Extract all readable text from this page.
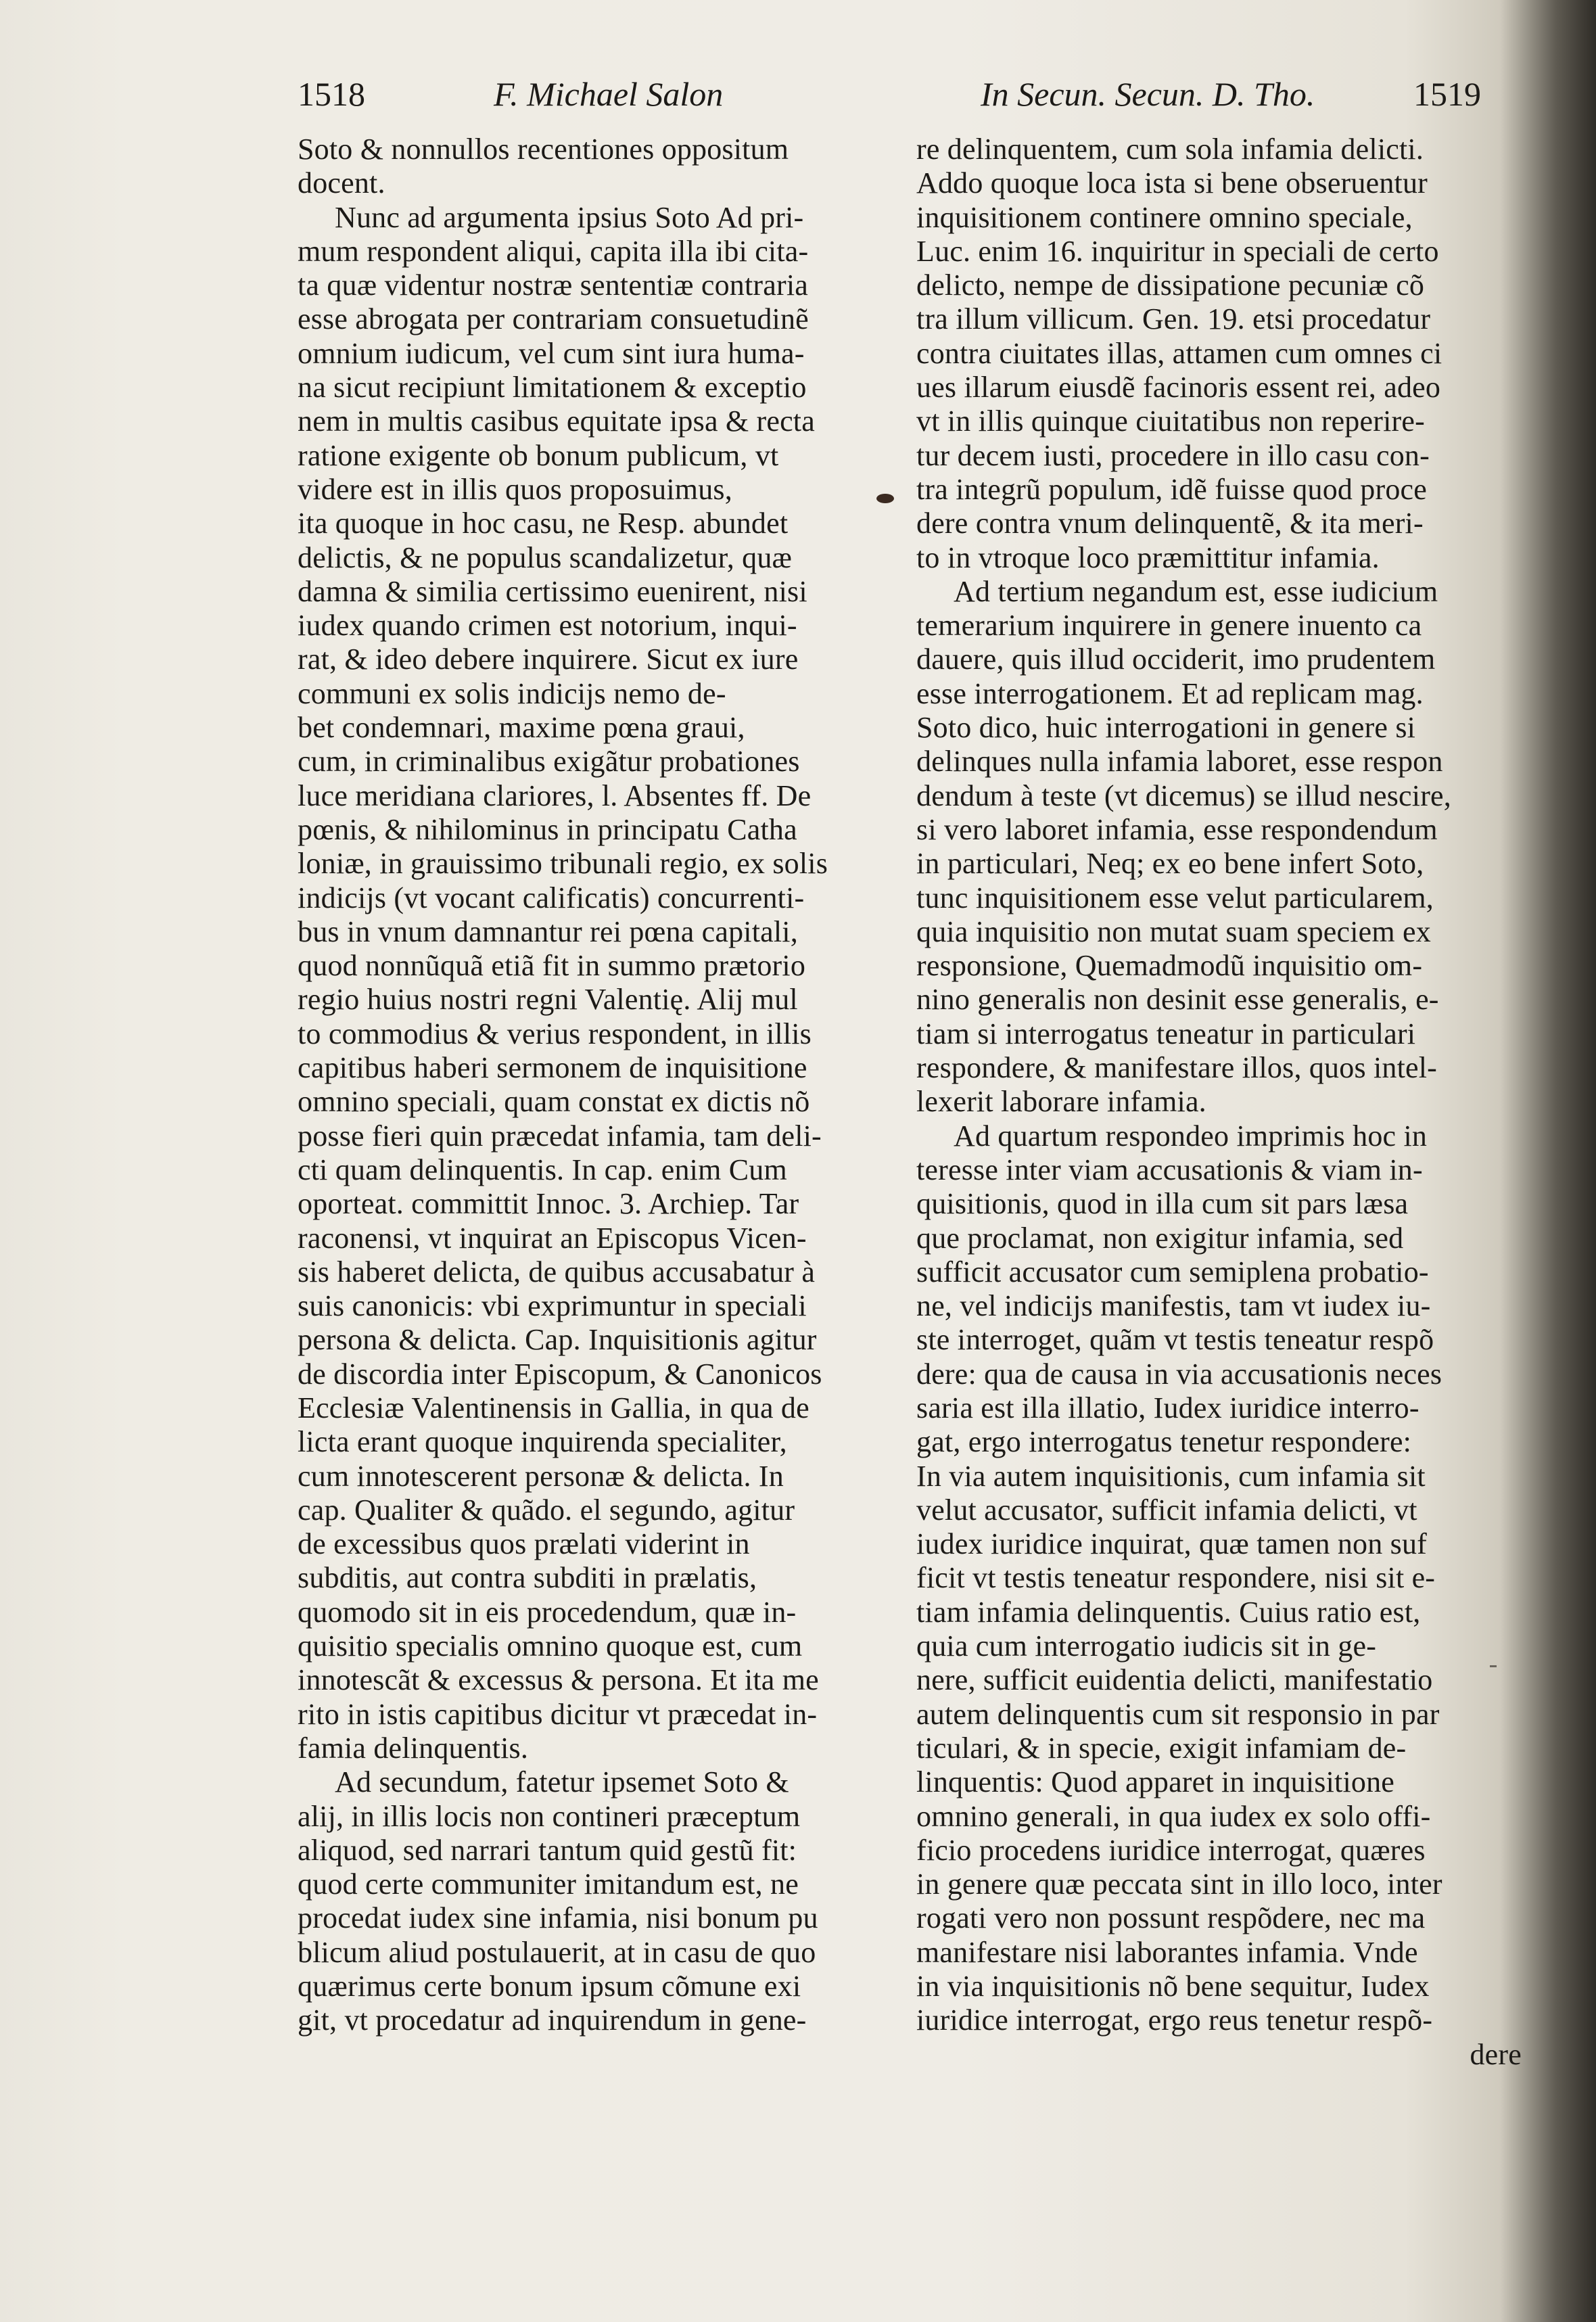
1518	F. Michael Salon	In Secun. Secun. D. Tho.	1519
Soto & nonnullos recentiones oppositum
docent.
Nunc ad argumenta ipsius Soto Ad pri-
mum respondent aliqui, capita illa ibi cita-
ta quæ videntur nostræ sententiæ contraria
esse abrogata per contrariam consuetudinẽ
omnium iudicum, vel cum sint iura huma-
na sicut recipiunt limitationem & exceptio
nem in multis casibus equitate ipsa & recta
ratione exigente ob bonum publicum, vt
videre est in illis quos proposuimus,
ita quoque in hoc casu, ne Resp. abundet
delictis, & ne populus scandalizetur, quæ
damna & similia certissimo euenirent, nisi
iudex quando crimen est notorium, inqui-
rat, & ideo debere inquirere. Sicut ex iure
communi ex solis indicijs nemo de-
bet condemnari, maxime pœna graui,
cum, in criminalibus exigãtur probationes
luce meridiana clariores, l. Absentes ff. De
pœnis, & nihilominus in principatu Catha
loniæ, in grauissimo tribunali regio, ex solis
indicijs (vt vocant calificatis) concurrenti-
bus in vnum damnantur rei pœna capitali,
quod nonnũquã etiã fit in summo prætorio
regio huius nostri regni Valentię. Alij mul
to commodius & verius respondent, in illis
capitibus haberi sermonem de inquisitione
omnino speciali, quam constat ex dictis nõ
posse fieri quin præcedat infamia, tam deli-
cti quam delinquentis. In cap. enim Cum
oporteat. committit Innoc. 3. Archiep. Tar
raconensi, vt inquirat an Episcopus Vicen-
sis haberet delicta, de quibus accusabatur à
suis canonicis: vbi exprimuntur in speciali
persona & delicta. Cap. Inquisitionis agitur
de discordia inter Episcopum, & Canonicos
Ecclesiæ Valentinensis in Gallia, in qua de
licta erant quoque inquirenda specialiter,
cum innotescerent personæ & delicta. In
cap. Qualiter & quãdo. el segundo, agitur
de excessibus quos prælati viderint in
subditis, aut contra subditi in prælatis,
quomodo sit in eis procedendum, quæ in-
quisitio specialis omnino quoque est, cum
innotescãt & excessus & persona. Et ita me
rito in istis capitibus dicitur vt præcedat in-
famia delinquentis.
Ad secundum, fatetur ipsemet Soto &
alij, in illis locis non contineri præceptum
aliquod, sed narrari tantum quid gestũ fit:
quod certe communiter imitandum est, ne
procedat iudex sine infamia, nisi bonum pu
blicum aliud postulauerit, at in casu de quo
quærimus certe bonum ipsum cõmune exi
git, vt procedatur ad inquirendum in gene-
re delinquentem, cum sola infamia delicti.
Addo quoque loca ista si bene obseruentur
inquisitionem continere omnino speciale,
Luc. enim 16. inquiritur in speciali de certo
delicto, nempe de dissipatione pecuniæ cõ
tra illum villicum. Gen. 19. etsi procedatur
contra ciuitates illas, attamen cum omnes ci
ues illarum eiusdẽ facinoris essent rei, adeo
vt in illis quinque ciuitatibus non reperire-
tur decem iusti, procedere in illo casu con-
tra integrũ populum, idẽ fuisse quod proce
dere contra vnum delinquentẽ, & ita meri-
to in vtroque loco præmittitur infamia.
Ad tertium negandum est, esse iudicium
temerarium inquirere in genere inuento ca
dauere, quis illud occiderit, imo prudentem
esse interrogationem. Et ad replicam mag.
Soto dico, huic interrogationi in genere si
delinques nulla infamia laboret, esse respon
dendum à teste (vt dicemus) se illud nescire,
si vero laboret infamia, esse respondendum
in particulari, Neq; ex eo bene infert Soto,
tunc inquisitionem esse velut particularem,
quia inquisitio non mutat suam speciem ex
responsione, Quemadmodũ inquisitio om-
nino generalis non desinit esse generalis, e-
tiam si interrogatus teneatur in particulari
respondere, & manifestare illos, quos intel-
lexerit laborare infamia.
Ad quartum respondeo imprimis hoc in
teresse inter viam accusationis & viam in-
quisitionis, quod in illa cum sit pars læsa
que proclamat, non exigitur infamia, sed
sufficit accusator cum semiplena probatio-
ne, vel indicijs manifestis, tam vt iudex iu-
ste interroget, quãm vt testis teneatur respõ
dere: qua de causa in via accusationis neces
saria est illa illatio, Iudex iuridice interro-
gat, ergo interrogatus tenetur respondere:
In via autem inquisitionis, cum infamia sit
velut accusator, sufficit infamia delicti, vt
iudex iuridice inquirat, quæ tamen non suf
ficit vt testis teneatur respondere, nisi sit e-
tiam infamia delinquentis. Cuius ratio est,
quia cum interrogatio iudicis sit in ge-
nere, sufficit euidentia delicti, manifestatio
autem delinquentis cum sit responsio in par
ticulari, & in specie, exigit infamiam de-
linquentis: Quod apparet in inquisitione
omnino generali, in qua iudex ex solo offi-
ficio procedens iuridice interrogat, quæres
in genere quæ peccata sint in illo loco, inter
rogati vero non possunt respõdere, nec ma
manifestare nisi laborantes infamia. Vnde
in via inquisitionis nõ bene sequitur, Iudex
iuridice interrogat, ergo reus tenetur respõ-
dere
